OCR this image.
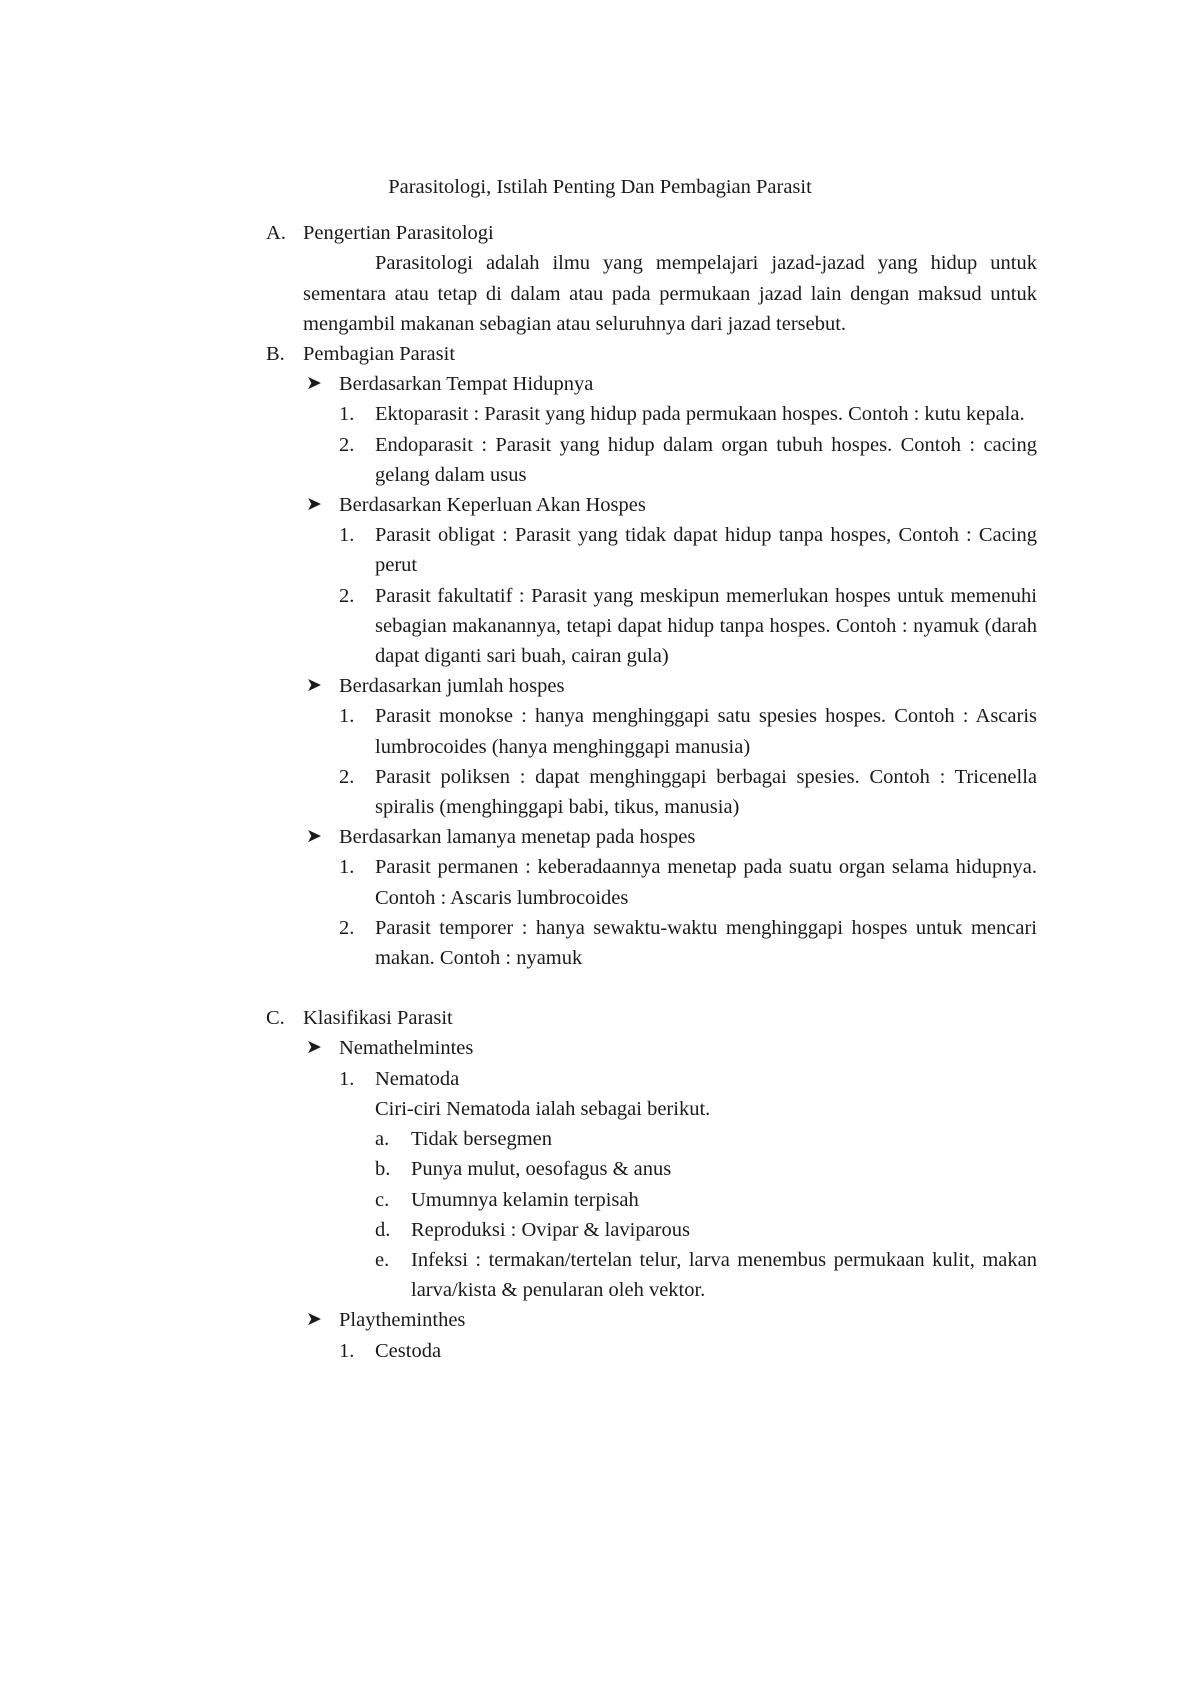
Parasitologi, Istilah Penting Dan Pembagian Parasit
A. Pengertian Parasitologi
Parasitologi adalah ilmu yang mempelajari jazad-jazad yang hidup untuk sementara atau tetap di dalam atau pada permukaan jazad lain dengan maksud untuk mengambil makanan sebagian atau seluruhnya dari jazad tersebut.
B. Pembagian Parasit
➤ Berdasarkan Tempat Hidupnya
1. Ektoparasit : Parasit yang hidup pada permukaan hospes. Contoh : kutu kepala.
2. Endoparasit : Parasit yang hidup dalam organ tubuh hospes. Contoh : cacing gelang dalam usus
➤ Berdasarkan Keperluan Akan Hospes
1. Parasit obligat : Parasit yang tidak dapat hidup tanpa hospes, Contoh : Cacing perut
2. Parasit fakultatif : Parasit yang meskipun memerlukan hospes untuk memenuhi sebagian makanannya, tetapi dapat hidup tanpa hospes. Contoh : nyamuk (darah dapat diganti sari buah, cairan gula)
➤ Berdasarkan jumlah hospes
1. Parasit monokse : hanya menghinggapi satu spesies hospes. Contoh : Ascaris lumbrocoides (hanya menghinggapi manusia)
2. Parasit poliksen : dapat menghinggapi berbagai spesies. Contoh : Tricenella spiralis (menghinggapi babi, tikus, manusia)
➤ Berdasarkan lamanya menetap pada hospes
1. Parasit permanen : keberadaannya menetap pada suatu organ selama hidupnya. Contoh : Ascaris lumbrocoides
2. Parasit temporer : hanya sewaktu-waktu menghinggapi hospes untuk mencari makan. Contoh : nyamuk
C. Klasifikasi Parasit
➤ Nemathelmintes
1. Nematoda
Ciri-ciri Nematoda ialah sebagai berikut.
a. Tidak bersegmen
b. Punya mulut, oesofagus & anus
c. Umumnya kelamin terpisah
d. Reproduksi : Ovipar & laviparous
e. Infeksi : termakan/tertelan telur, larva menembus permukaan kulit, makan larva/kista & penularan oleh vektor.
➤ Playtheminthes
1. Cestoda
